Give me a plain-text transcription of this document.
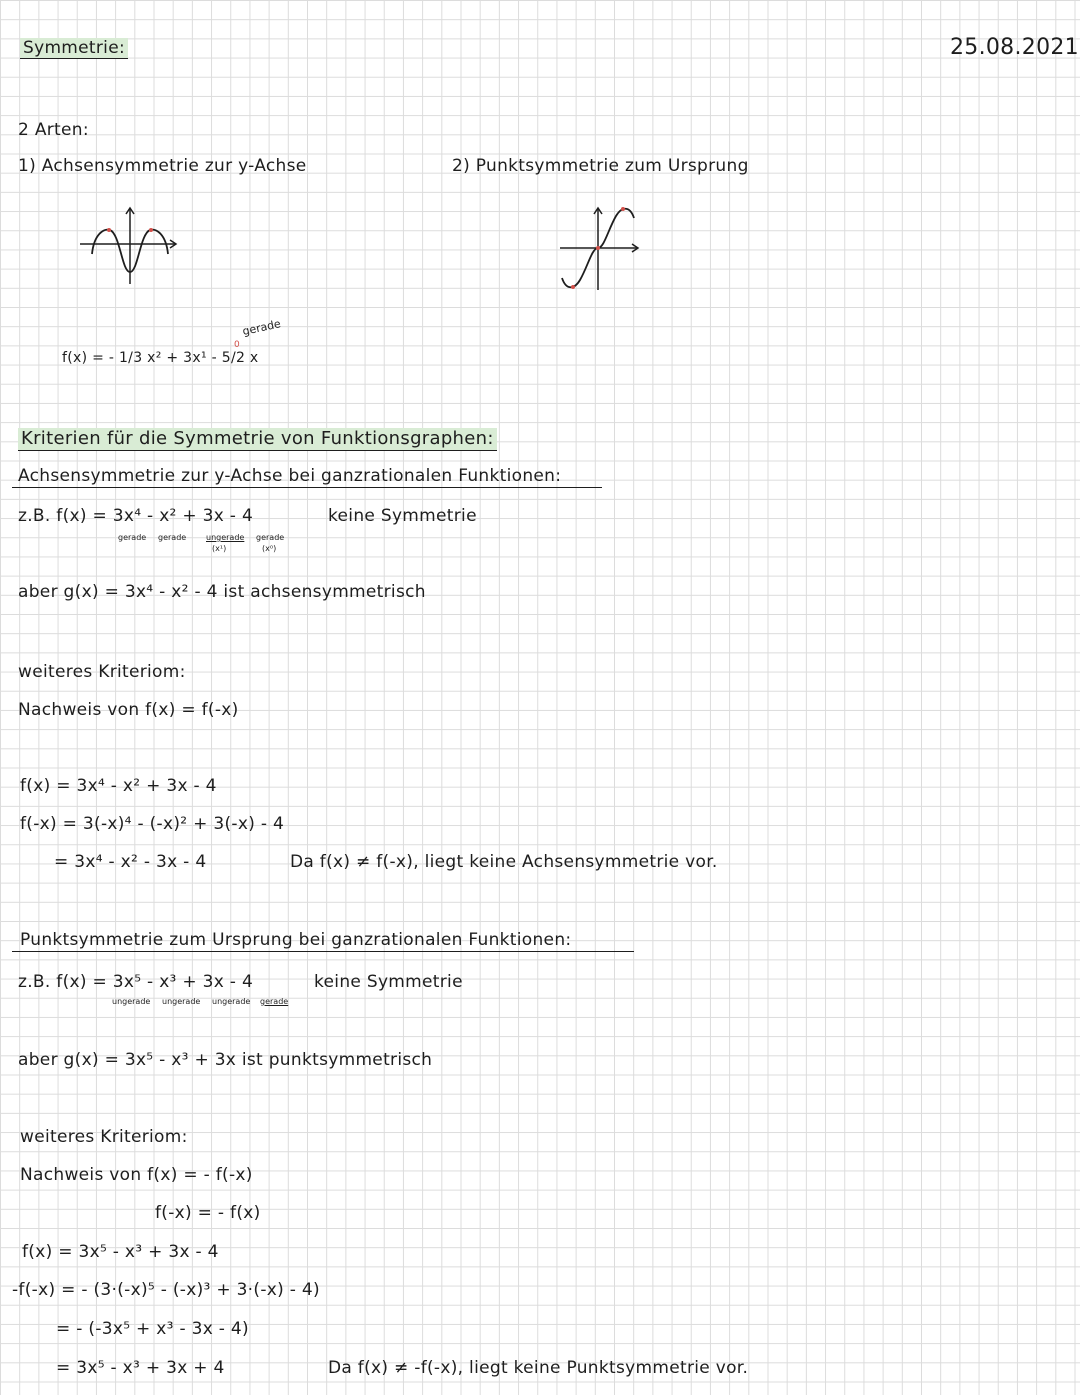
Symmetrie:	25.08.2021
2 Arten:
1) Achsensymmetrie zur y-Achse	2) Punktsymmetrie zum Ursprung
f(x) = - 1/3 x² + 3x¹ - 5/2 x
0
gerade
Kriterien für die Symmetrie von Funktionsgraphen:
Achsensymmetrie zur y-Achse bei ganzrationalen Funktionen:
z.B. f(x) = 3x⁴ - x² + 3x - 4	keine Symmetrie
gerade gerade ungerade gerade
(x¹)	(x⁰)
aber g(x) = 3x⁴ - x² - 4 ist achsensymmetrisch
weiteres Kriteriom:
Nachweis von f(x) = f(-x)
f(x) = 3x⁴ - x² + 3x - 4
f(-x) = 3(-x)⁴ - (-x)² + 3(-x) - 4
= 3x⁴ - x² - 3x - 4	Da f(x) ≠ f(-x), liegt keine Achsensymmetrie vor.
Punktsymmetrie zum Ursprung bei ganzrationalen Funktionen:
z.B. f(x) = 3x⁵ - x³ + 3x - 4	keine Symmetrie
ungerade ungerade ungerade gerade
aber g(x) = 3x⁵ - x³ + 3x ist punktsymmetrisch
weiteres Kriteriom:
Nachweis von f(x) = - f(-x)
f(-x) = - f(x)
f(x) = 3x⁵ - x³ + 3x - 4
-f(-x) = - (3·(-x)⁵ - (-x)³ + 3·(-x) - 4)
= - (-3x⁵ + x³ - 3x - 4)
= 3x⁵ - x³ + 3x + 4	Da f(x) ≠ -f(-x), liegt keine Punktsymmetrie vor.
